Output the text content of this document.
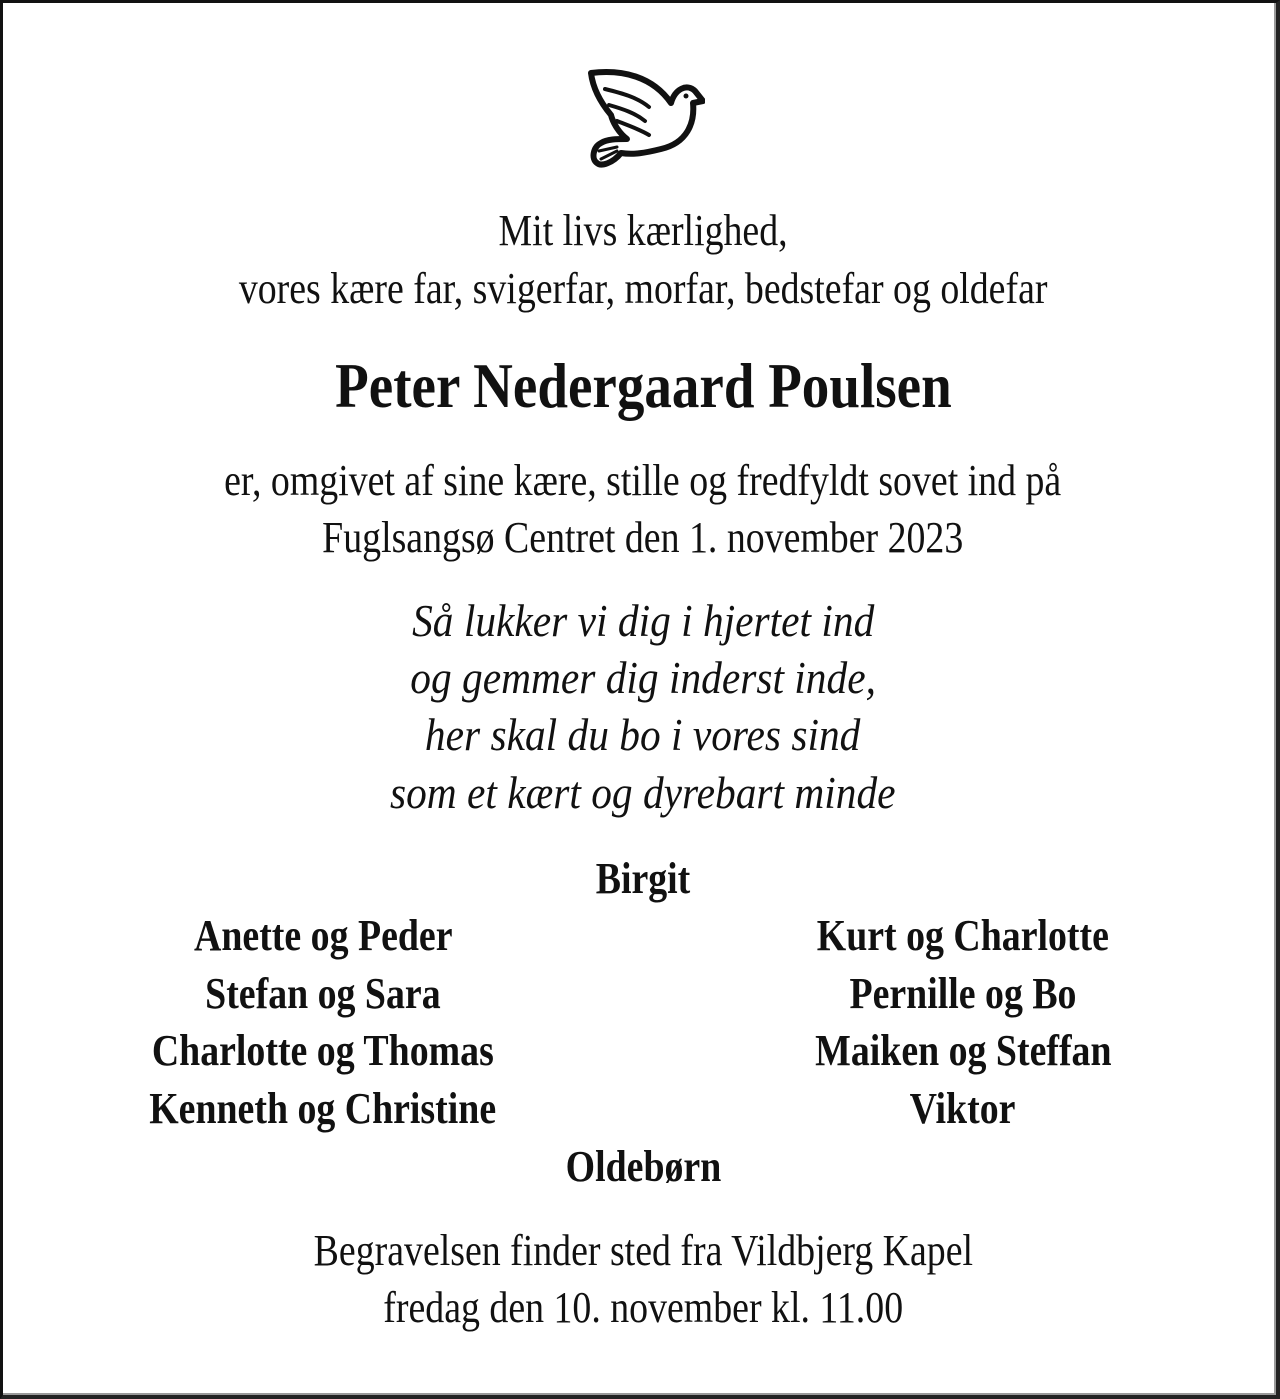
Mit livs kærlighed,
vores kære far, svigerfar, morfar, bedstefar og oldefar
Peter Nedergaard Poulsen
er, omgivet af sine kære, stille og fredfyldt sovet ind på
Fuglsangsø Centret den 1. november 2023
Så lukker vi dig i hjertet ind
og gemmer dig inderst inde,
her skal du bo i vores sind
som et kært og dyrebart minde
Birgit
Anette og Peder
Stefan og Sara
Charlotte og Thomas
Kenneth og Christine
Kurt og Charlotte
Pernille og Bo
Maiken og Steffan
Viktor
Oldebørn
Begravelsen finder sted fra Vildbjerg Kapel
fredag den 10. november kl. 11.00
